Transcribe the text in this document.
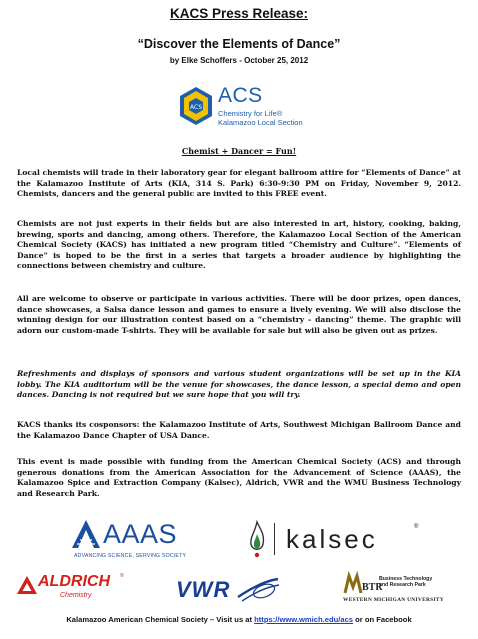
KACS Press Release:
“Discover the Elements of Dance”
by Elke Schoffers - October 25, 2012
ACS
ACS
Chemistry for Life®
Kalamazoo Local Section
Chemist + Dancer = Fun!

Local chemists will trade in their laboratory gear for elegant ballroom attire for “Elements of Dance” at the Kalamazoo Institute of Arts (KIA, 314 S. Park) 6:30-9:30 PM on Friday, November 9, 2012. Chemists, dancers and the general public are invited to this FREE event.

Chemists are not just experts in their fields but are also interested in art, history, cooking, baking, brewing, sports and dancing, among others. Therefore, the Kalamazoo Local Section of the American Chemical Society (KACS) has initiated a new program titled “Chemistry and Culture”. “Elements of Dance” is hoped to be the first in a series that targets a broader audience by highlighting the connections between chemistry and culture.

All are welcome to observe or participate in various activities. There will be door prizes, open dances, dance showcases, a Salsa dance lesson and games to ensure a lively evening. We will also disclose the winning design for our illustration contest based on a “chemistry – dancing” theme. The graphic will adorn our custom-made T-shirts. They will be available for sale but will also be given out as prizes.

Refreshments and displays of sponsors and various student organizations will be set up in the KIA lobby. The KIA auditorium will be the venue for showcases, the dance lesson, a special demo and open dances. Dancing is not required but we sure hope that you will try.

KACS thanks its cosponsors: the Kalamazoo Institute of Arts, Southwest Michigan Ballroom Dance and the Kalamazoo Dance Chapter of USA Dance.

This event is made possible with funding from the American Chemical Society (ACS) and through generous donations from the American Association for the Advancement of Science (AAAS), the Kalamazoo Spice and Extraction Company (Kalsec), Aldrich, VWR and the WMU Business Technology and Research Park.

AAAS
ADVANCING SCIENCE, SERVING SOCIETY
kalsec	®
ALDRICH ®
Chemistry	VWR	BTR
Business Technology
and Research Park
WESTERN MICHIGAN UNIVERSITY
Kalamazoo American Chemical Society – Visit us at https://www.wmich.edu/acs or on Facebook
